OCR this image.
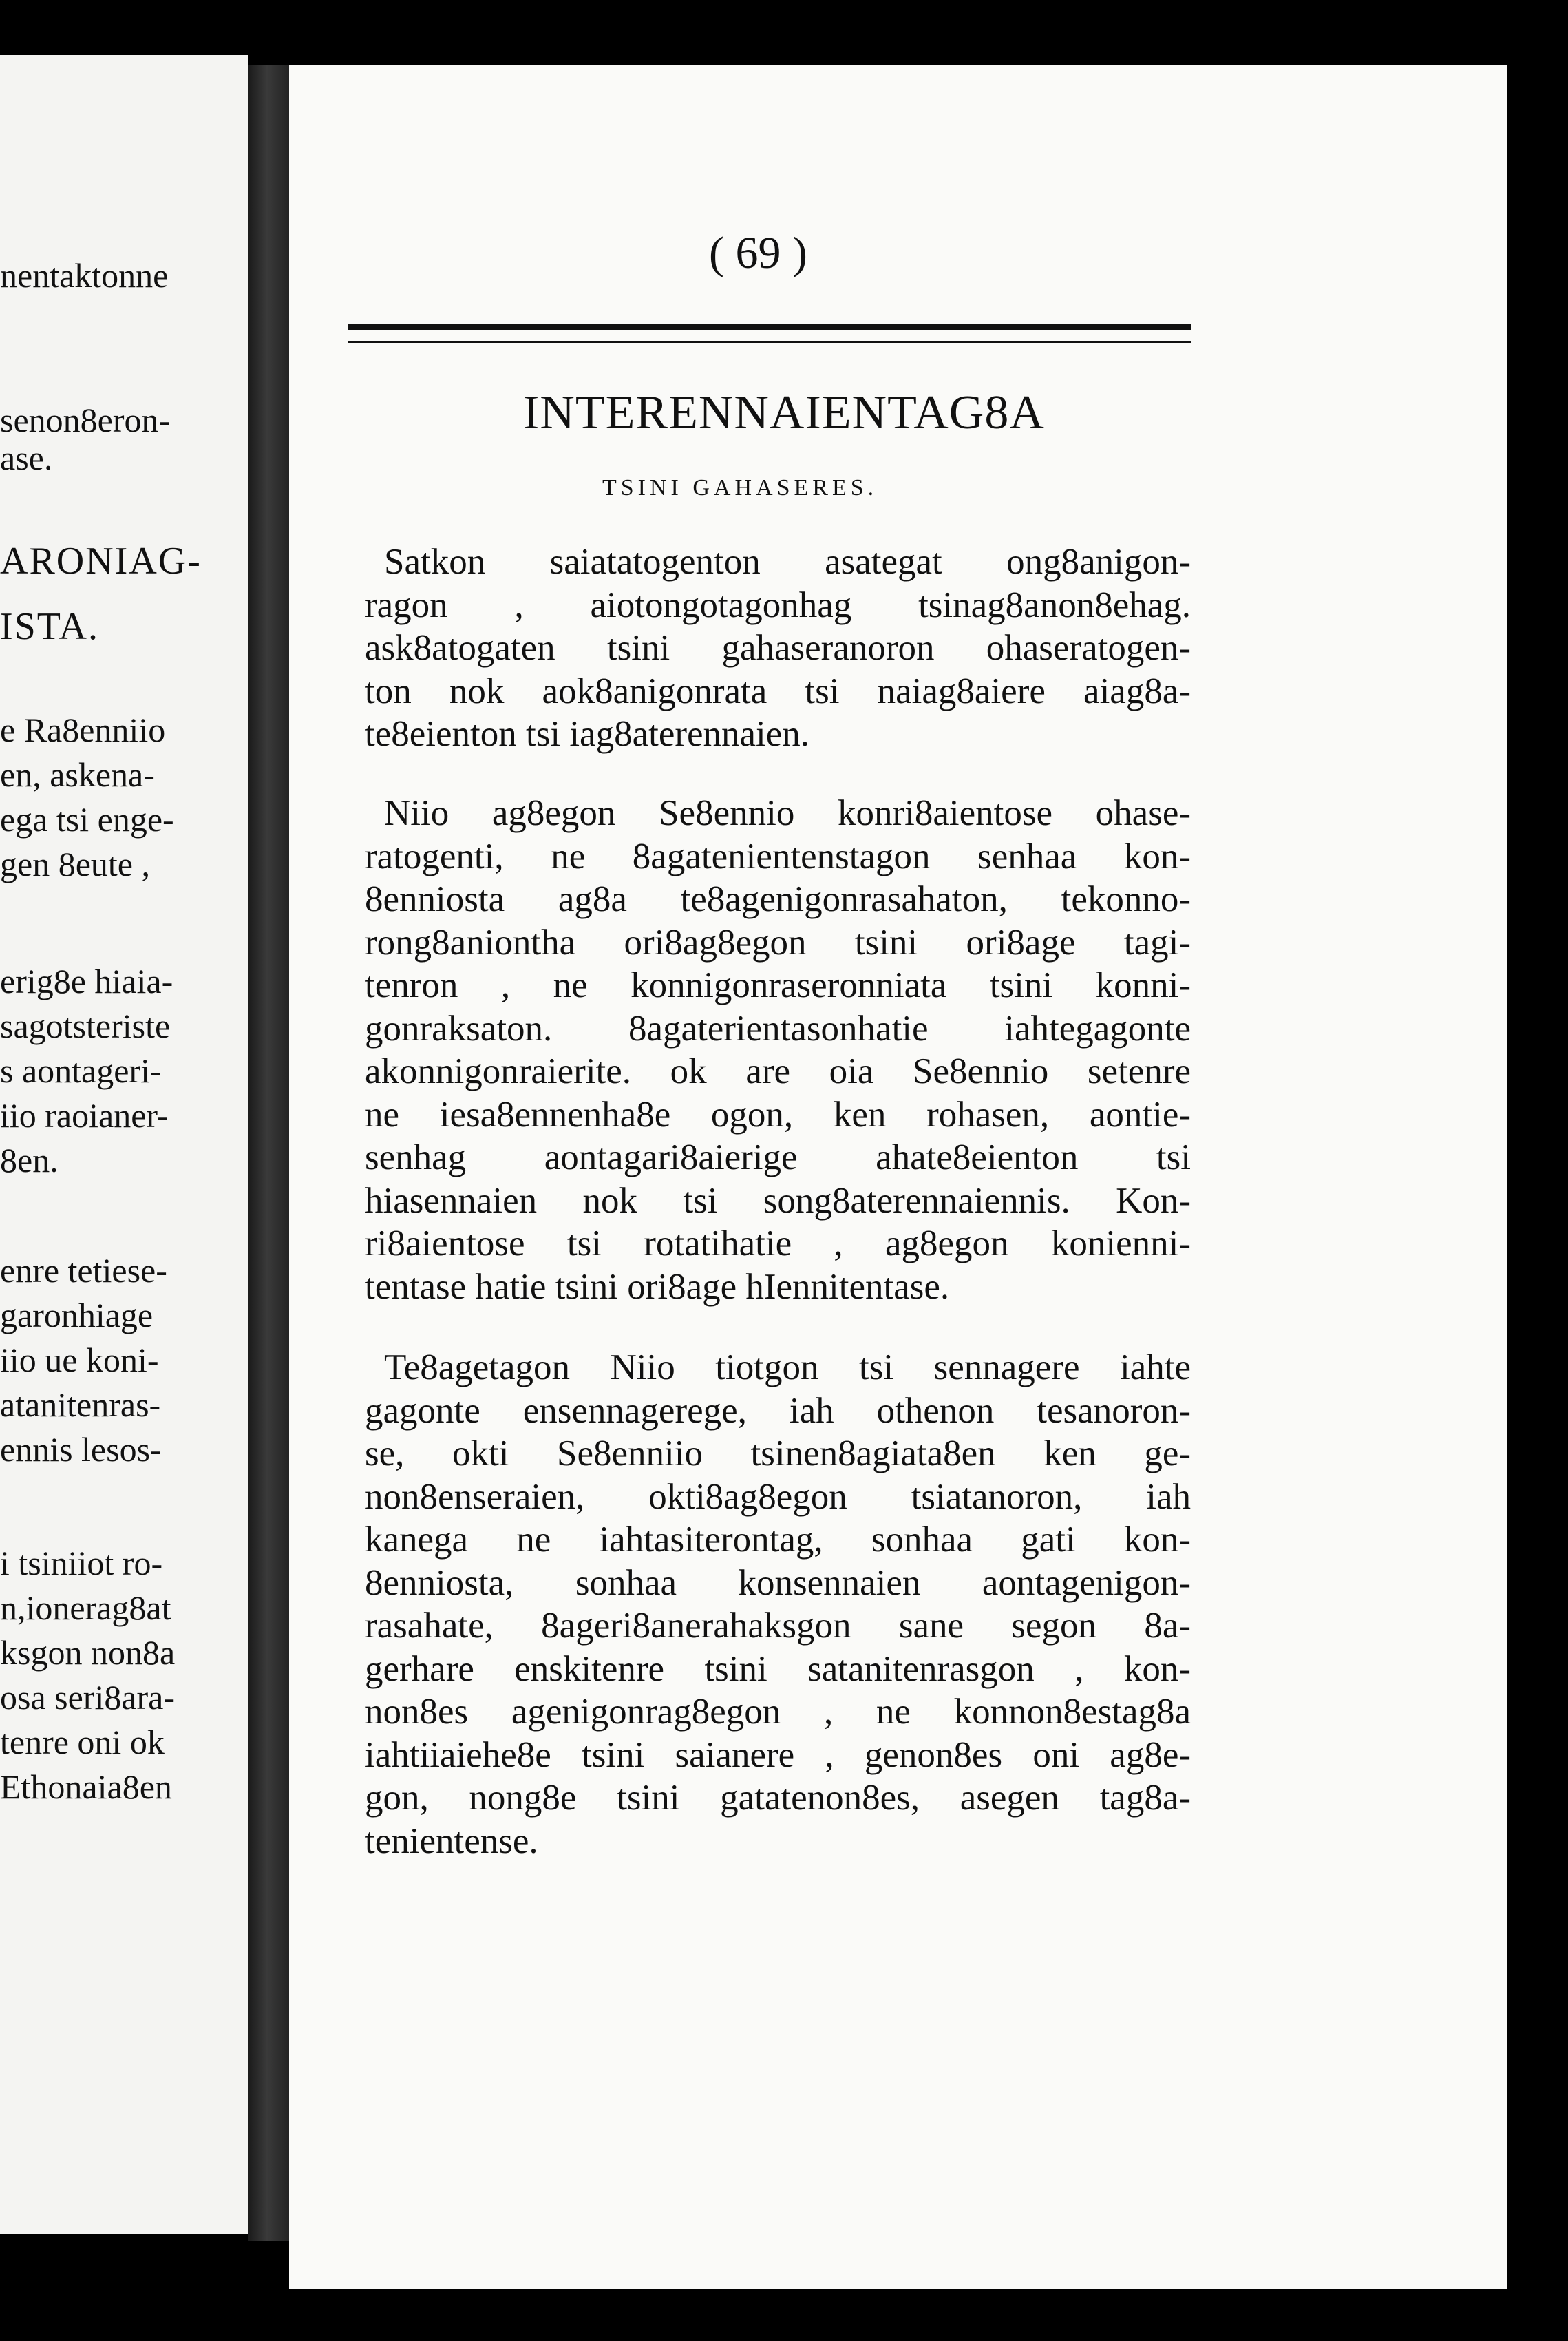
nentaktonne
senon8eron-
ase.
ARONIAG-
ISTA.
e Ra8enniio
en, askena-
ega tsi enge-
gen 8eute ,
erig8e hiaia-
sagotsteriste
s aontageri-
iio raoianer-
8en.
enre tetiese-
garonhiage
iio ue koni-
atanitenras-
ennis lesos-
i tsiniiot ro-
n,ionerag8at
ksgon non8a
osa seri8ara-
tenre oni ok
Ethonaia8en
( 69 )
INTERENNAIENTAG8A
TSINI GAHASERES.
Satkon saiatatogenton asategat ong8anigon-
ragon , aiotongotagonhag tsinag8anon8ehag.
ask8atogaten tsini gahaseranoron ohaseratogen-
ton nok aok8anigonrata tsi naiag8aiere aiag8a-
te8eienton tsi iag8aterennaien.
Niio ag8egon Se8ennio konri8aientose ohase-
ratogenti, ne 8agatenientenstagon senhaa kon-
8enniosta ag8a te8agenigonrasahaton, tekonno-
rong8aniontha ori8ag8egon tsini ori8age tagi-
tenron , ne konnigonraseronniata tsini konni-
gonraksaton. 8agaterientasonhatie iahtegagonte
akonnigonraierite. ok are oia Se8ennio setenre
ne iesa8ennenha8e ogon, ken rohasen, aontie-
senhag aontagari8aierige ahate8eienton tsi
hiasennaien nok tsi song8aterennaiennis. Kon-
ri8aientose tsi rotatihatie , ag8egon konienni-
tentase hatie tsini ori8age hIennitentase.
Te8agetagon Niio tiotgon tsi sennagere iahte
gagonte ensennagerege, iah othenon tesanoron-
se, okti Se8enniio tsinen8agiata8en ken ge-
non8enseraien, okti8ag8egon tsiatanoron, iah
kanega ne iahtasiterontag, sonhaa gati kon-
8enniosta, sonhaa konsennaien aontagenigon-
rasahate, 8ageri8anerahaksgon sane segon 8a-
gerhare enskitenre tsini satanitenrasgon , kon-
non8es agenigonrag8egon , ne konnon8estag8a
iahtiiaiehe8e tsini saianere , genon8es oni ag8e-
gon, nong8e tsini gatatenon8es, asegen tag8a-
tenientense.
